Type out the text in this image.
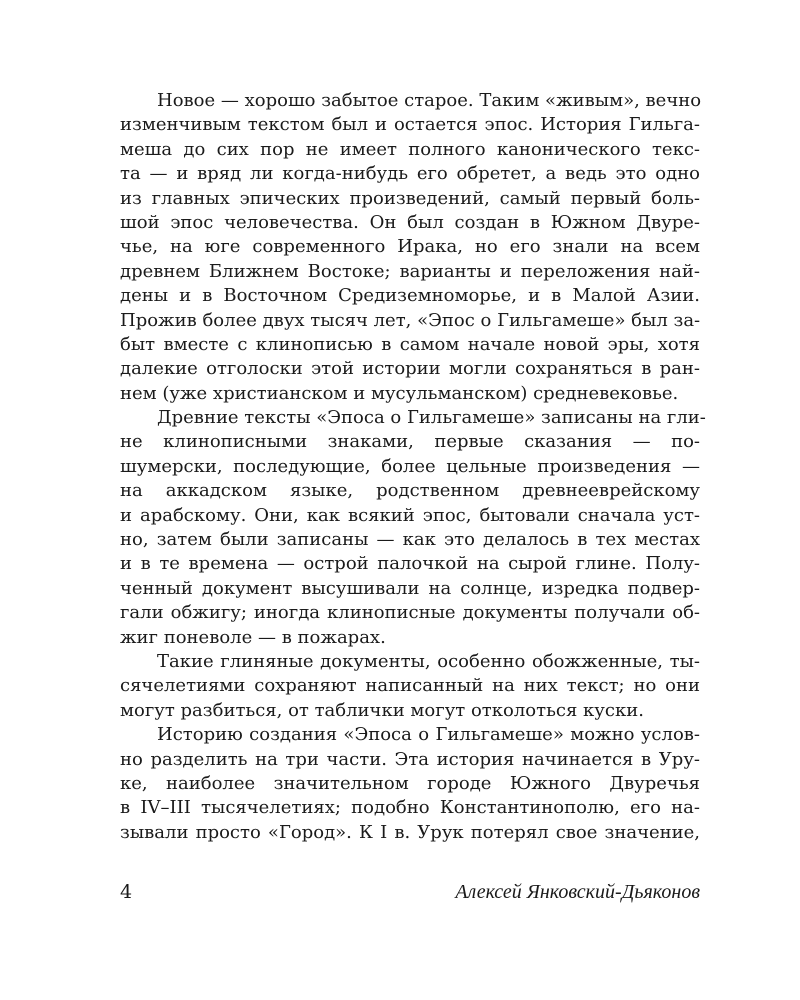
Новое — хорошо забытое старое. Таким «живым», вечно
изменчивым текстом был и остается эпос. История Гильга-
меша до сих пор не имеет полного канонического текс-
та — и вряд ли когда-нибудь его обретет, а ведь это одно
из главных эпических произведений, самый первый боль-
шой эпос человечества. Он был создан в Южном Двуре-
чье, на юге современного Ирака, но его знали на всем
древнем Ближнем Востоке; варианты и переложения най-
дены и в Восточном Средиземноморье, и в Малой Азии.
Прожив более двух тысяч лет, «Эпос о Гильгамеше» был за-
быт вместе с клинописью в самом начале новой эры, хотя
далекие отголоски этой истории могли сохраняться в ран-
нем (уже христианском и мусульманском) средневековье.
Древние тексты «Эпоса о Гильгамеше» записаны на гли-
не клинописными знаками, первые сказания — по-
шумерски, последующие, более цельные произведения —
на аккадском языке, родственном древнееврейскому
и арабскому. Они, как всякий эпос, бытовали сначала уст-
но, затем были записаны — как это делалось в тех местах
и в те времена — острой палочкой на сырой глине. Полу-
ченный документ высушивали на солнце, изредка подвер-
гали обжигу; иногда клинописные документы получали об-
жиг поневоле — в пожарах.
Такие глиняные документы, особенно обожженные, ты-
сячелетиями сохраняют написанный на них текст; но они
могут разбиться, от таблички могут отколоться куски.
Историю создания «Эпоса о Гильгамеше» можно услов-
но разделить на три части. Эта история начинается в Уру-
ке, наиболее значительном городе Южного Двуречья
в IV–III тысячелетиях; подобно Константинополю, его на-
зывали просто «Город». К I в. Урук потерял свое значение,
4	Алексей Янковский-Дьяконов
